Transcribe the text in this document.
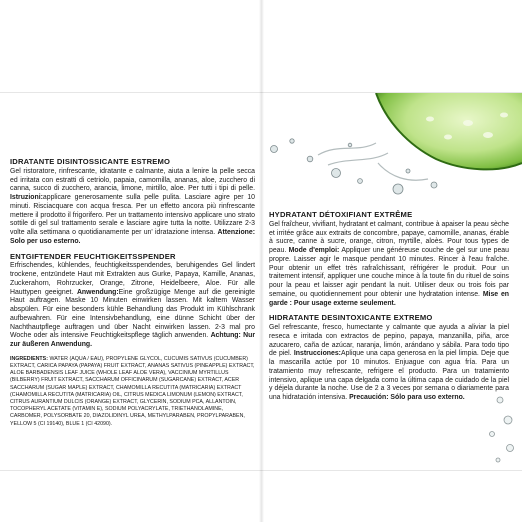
IDRATANTE DISINTOSSICANTE ESTREMO

Gel ristoratore, rinfrescante, idratante e calmante, aiuta a lenire la pelle secca ed irritata con estratti di cetriolo, papaia, camomilla, ananas, aloe, zucchero di canna, succo di zucchero, arancia, limone, mirtillo, aloe. Per tutti i tipi di pelle. Istruzioni:applicare generosamente sulla pelle pulita. Lasciare agire per 10 minuti. Risciacquare con acqua fresca. Per un effetto ancora più rinfrescante mettere il prodotto il frigorifero. Per un trattamento intensivo applicare uno strato sottile di gel sul trattamento serale e lasciare agire tutta la notte. Utilizzare 2-3 volte alla settimana o quotidianamente per un' idratazione intensa. Attenzione: Solo per uso esterno.

ENTGIFTENDER FEUCHTIGKEITSSPENDER

Erfrischendes, kühlendes, feuchtigkeitsspendendes, beruhigendes Gel lindert trockene, entzündete Haut mit Extrakten aus Gurke, Papaya, Kamille, Ananas, Zuckerahorn, Rohrzucker, Orange, Zitrone, Heidelbeere, Aloe. Für alle Hauttypen geeignet. Anwendung:Eine großzügige Menge auf die gereinigte Haut auftragen. Maske 10 Minuten einwirken lassen. Mit kaltem Wasser abspülen. Für eine besonders kühle Behandlung das Produkt im Kühlschrank aufbewahren. Für eine Intensivbehandlung, eine dünne Schicht über der Nachthautpflege auftragen und über Nacht einwirken lassen. 2-3 mal pro Woche oder als intensive Feuchtigkeitspflege täglich anwenden. Achtung: Nur zur äußeren Anwendung.

INGREDIENTS: WATER (AQUA / EAU), PROPYLENE GLYCOL, CUCUMIS SATIVUS (CUCUMBER) EXTRACT, CARICA PAPAYA (PAPAYA) FRUIT EXTRACT, ANANAS SATIVUS (PINEAPPLE) EXTRACT, ALOE BARBADENSIS LEAF JUICE (WHOLE LEAF ALOE VERA), VACCINIUM MYRTILLUS (BILBERRY) FRUIT EXTRACT, SACCHARUM OFFICINARUM (SUGARCANE) EXTRACT, ACER SACCHARUM (SUGAR MAPLE) EXTRACT, CHAMOMILLA RECUTITA (MATRICARIA) EXTRACT (CHAMOMILLA RECUTITA (MATRICARIA) OIL, CITRUS MEDICA LIMONUM (LEMON) EXTRACT, CITRUS AURANTIUM DULCIS (ORANGE) EXTRACT, GLYCERIN, SODIUM PCA, ALLANTOIN, TOCOPHERYL ACETATE (VITAMIN E), SODIUM POLYACRYLATE, TRIETHANOLAMINE, CARBOMER, POLYSORBATE 20, DIAZOLIDINYL UREA, METHYLPARABEN, PROPYLPARABEN, YELLOW 5 (CI 19140), BLUE 1 (CI 42090).
HYDRATANT DÉTOXIFIANT EXTRÊME

Gel fraîcheur, vivifiant, hydratant et calmant, contribue à apaiser la peau sèche et irritée grâce aux extraits de concombre, papaye, camomille, ananas, érable à sucre, canne à sucre, orange, citron, myrtille, aloès. Pour tous types de peau. Mode d'emploi: Appliquer une généreuse couche de gel sur une peau propre. Laisser agir le masque pendant 10 minutes. Rincer à l'eau fraîche. Pour obtenir un effet très rafraîchissant, réfrigérer le produit. Pour un traitement intensif, appliquer une couche mince à la toute fin du rituel de soins pour la peau et laisser agir pendant la nuit. Utiliser deux ou trois fois par semaine, ou quotidiennement pour obtenir une hydratation intense. Mise en garde : Pour usage externe seulement.

HIDRATANTE DESINTOXICANTE EXTREMO

Gel refrescante, fresco, humectante y calmante que ayuda a aliviar la piel reseca e irritada con extractos de pepino, papaya, manzanilla, piña, arce azucarero, caña de azúcar, naranja, limón, arándano y sábila. Para todo tipo de piel. Instrucciones:Aplique una capa generosa en la piel limpia. Deje que la mascarilla actúe por 10 minutos. Enjuague con agua fría. Para un tratamiento muy refrescante, refrigere el producto. Para un tratamiento intensivo, aplique una capa delgada como la última capa de cuidado de la piel y déjela durante la noche. Use de 2 a 3 veces por semana o diariamente para una hidratación intensiva. Precaución: Sólo para uso externo.
